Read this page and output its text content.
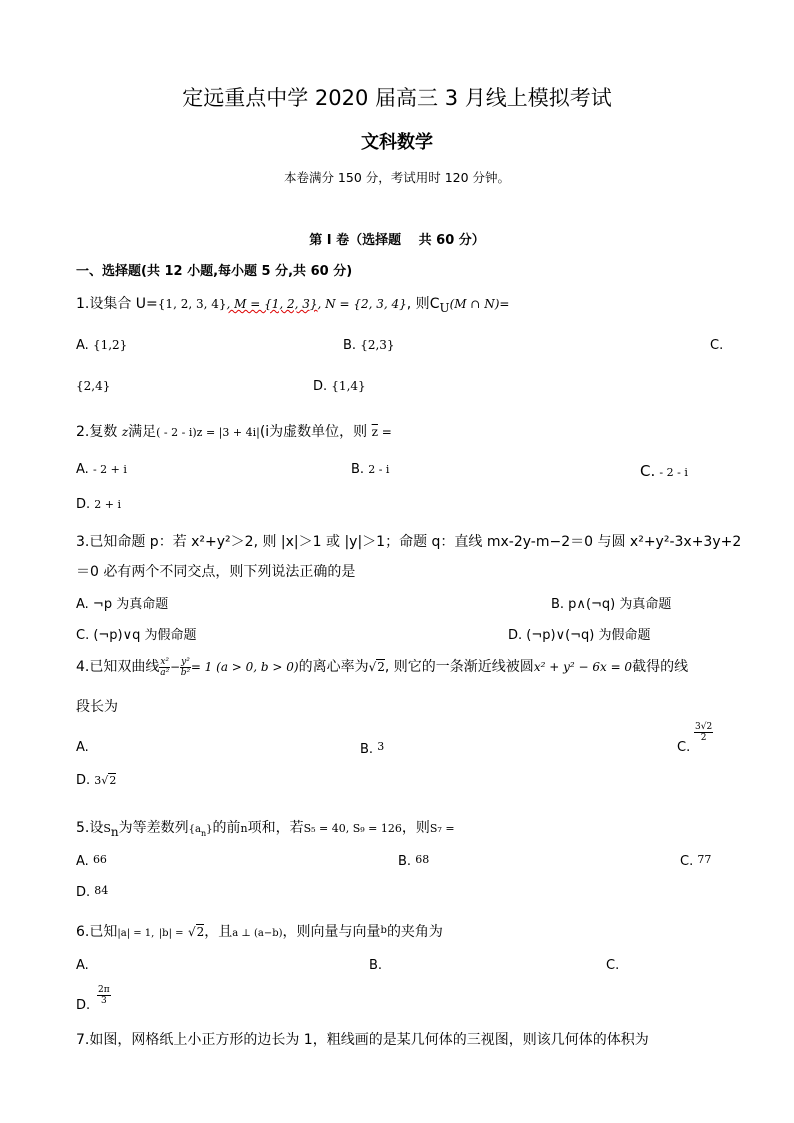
定远重点中学 2020 届高三 3 月线上模拟考试
文科数学
本卷满分 150 分，考试用时 120 分钟。
第 I 卷（选择题　 共 60 分）
一、选择题(共 12 小题,每小题 5 分,共 60 分)
1.设集合 U={1, 2, 3, 4}, M = {1, 2, 3}, N = {2, 3, 4}, 则$C_U(M$ ∩ N)=
A. {1,2}	B. {2,3}	C.
{2,4}	D. {1,4}
2.复数 z满足( - 2 - i)z = |3 + 4i|(i为虚数单位，则 $\overline{z}$ =
A. - 2 + i	B. 2 - i	C. - 2 - i
D. 2 + i
3.已知命题 p：若 x²+y²＞2, 则 |x|＞1 或 |y|＞1；命题 q：直线 mx-2y-m−2＝0 与圆 x²+y²-3x+3y+2
＝0 必有两个不同交点，则下列说法正确的是
A. ¬p 为真命题	B. p∧(¬q) 为真命题
C. (¬p)∨q 为假命题	D. (¬p)∨(¬q) 为假命题
4.已知双曲线 $\frac{\text{x²}}{\text{a²}} - \frac{\text{y²}}{\text{b²}} = 1$ (a > 0, b > 0)的离心率为√2, 则它的一条渐近线被圆x² + y² − 6x = 0截得的线
段长为
A.	B. $^3$	C.
$\frac{3√2}{2}$
D. 3√2
5.设$S_n$为等差数列$\{a_n\}$的前n项和，若S₅ = 40, S₉ = 126，则S₇ =
A. 66	B. 68	C. 77
D. 84
6.已知|a| = 1, |b| = √2，且a ⊥ (a−b)，则向量与向量$^b$的夹角为
A.	B.	C.
D. $\frac{2\pi}{3}$
7.如图，网格纸上小正方形的边长为 1，粗线画的是某几何体的三视图，则该几何体的体积为
